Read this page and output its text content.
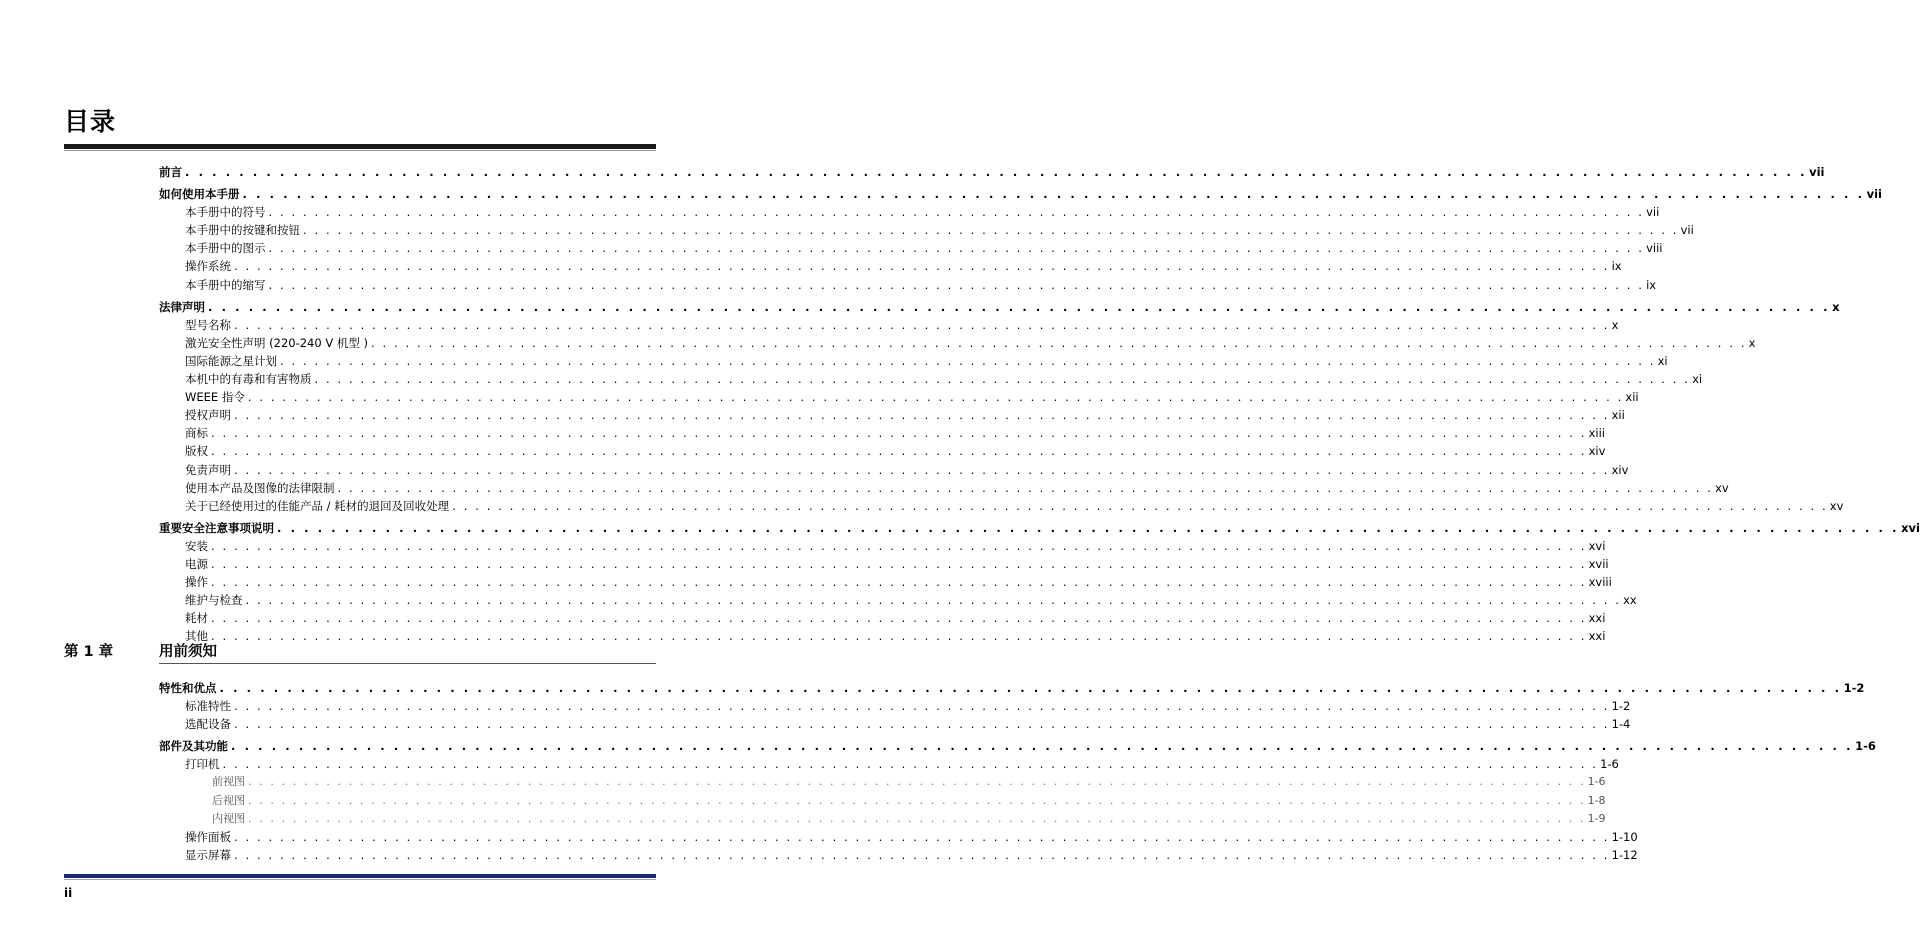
目录
前言 . . . . . . . . . . . . . . . . . . . . . . . . . . . . . . . . . . . . . . . . . . . . . . . . . . . . . . . . . . . . . . . . . . . . . . . . . . . . . . . . . . . . . . . . . . . . . . . . . . . . . . . . . . . . . . . . . . . . . . . . vii
如何使用本手册 . . . . . . . . . . . . . . . . . . . . . . . . . . . . . . . . . . . . . . . . . . . . . . . . . . . . . . . . . . . . . . . . . . . . . . . . . . . . . . . . . . . . . . . . . . . . . . . . . . . . . . . . . . . . . . . . . . . . . . . . vii
本手册中的符号 . . . . . . . . . . . . . . . . . . . . . . . . . . . . . . . . . . . . . . . . . . . . . . . . . . . . . . . . . . . . . . . . . . . . . . . . . . . . . . . . . . . . . . . . . . . . . . . . . . . . . . . . . . . . . . . . . . . . . . . . vii
本手册中的按键和按钮 . . . . . . . . . . . . . . . . . . . . . . . . . . . . . . . . . . . . . . . . . . . . . . . . . . . . . . . . . . . . . . . . . . . . . . . . . . . . . . . . . . . . . . . . . . . . . . . . . . . . . . . . . . . . . . . . . . . . . . . . vii
本手册中的图示 . . . . . . . . . . . . . . . . . . . . . . . . . . . . . . . . . . . . . . . . . . . . . . . . . . . . . . . . . . . . . . . . . . . . . . . . . . . . . . . . . . . . . . . . . . . . . . . . . . . . . . . . . . . . . . . . . . . . . . . . viii
操作系统 . . . . . . . . . . . . . . . . . . . . . . . . . . . . . . . . . . . . . . . . . . . . . . . . . . . . . . . . . . . . . . . . . . . . . . . . . . . . . . . . . . . . . . . . . . . . . . . . . . . . . . . . . . . . . . . . . . . . . . . . ix
本手册中的缩写 . . . . . . . . . . . . . . . . . . . . . . . . . . . . . . . . . . . . . . . . . . . . . . . . . . . . . . . . . . . . . . . . . . . . . . . . . . . . . . . . . . . . . . . . . . . . . . . . . . . . . . . . . . . . . . . . . . . . . . . . ix
法律声明 . . . . . . . . . . . . . . . . . . . . . . . . . . . . . . . . . . . . . . . . . . . . . . . . . . . . . . . . . . . . . . . . . . . . . . . . . . . . . . . . . . . . . . . . . . . . . . . . . . . . . . . . . . . . . . . . . . . . . . . . x
型号名称 . . . . . . . . . . . . . . . . . . . . . . . . . . . . . . . . . . . . . . . . . . . . . . . . . . . . . . . . . . . . . . . . . . . . . . . . . . . . . . . . . . . . . . . . . . . . . . . . . . . . . . . . . . . . . . . . . . . . . . . . x
激光安全性声明 (220-240 V 机型 ) . . . . . . . . . . . . . . . . . . . . . . . . . . . . . . . . . . . . . . . . . . . . . . . . . . . . . . . . . . . . . . . . . . . . . . . . . . . . . . . . . . . . . . . . . . . . . . . . . . . . . . . . . . . . . . . . . . . . . . . . x
国际能源之星计划 . . . . . . . . . . . . . . . . . . . . . . . . . . . . . . . . . . . . . . . . . . . . . . . . . . . . . . . . . . . . . . . . . . . . . . . . . . . . . . . . . . . . . . . . . . . . . . . . . . . . . . . . . . . . . . . . . . . . . . . . xi
本机中的有毒和有害物质 . . . . . . . . . . . . . . . . . . . . . . . . . . . . . . . . . . . . . . . . . . . . . . . . . . . . . . . . . . . . . . . . . . . . . . . . . . . . . . . . . . . . . . . . . . . . . . . . . . . . . . . . . . . . . . . . . . . . . . . . xi
WEEE 指令 . . . . . . . . . . . . . . . . . . . . . . . . . . . . . . . . . . . . . . . . . . . . . . . . . . . . . . . . . . . . . . . . . . . . . . . . . . . . . . . . . . . . . . . . . . . . . . . . . . . . . . . . . . . . . . . . . . . . . . . . xii
授权声明 . . . . . . . . . . . . . . . . . . . . . . . . . . . . . . . . . . . . . . . . . . . . . . . . . . . . . . . . . . . . . . . . . . . . . . . . . . . . . . . . . . . . . . . . . . . . . . . . . . . . . . . . . . . . . . . . . . . . . . . . xii
商标 . . . . . . . . . . . . . . . . . . . . . . . . . . . . . . . . . . . . . . . . . . . . . . . . . . . . . . . . . . . . . . . . . . . . . . . . . . . . . . . . . . . . . . . . . . . . . . . . . . . . . . . . . . . . . . . . . . . . . . . . xiii
版权 . . . . . . . . . . . . . . . . . . . . . . . . . . . . . . . . . . . . . . . . . . . . . . . . . . . . . . . . . . . . . . . . . . . . . . . . . . . . . . . . . . . . . . . . . . . . . . . . . . . . . . . . . . . . . . . . . . . . . . . . xiv
免责声明 . . . . . . . . . . . . . . . . . . . . . . . . . . . . . . . . . . . . . . . . . . . . . . . . . . . . . . . . . . . . . . . . . . . . . . . . . . . . . . . . . . . . . . . . . . . . . . . . . . . . . . . . . . . . . . . . . . . . . . . . xiv
使用本产品及图像的法律限制 . . . . . . . . . . . . . . . . . . . . . . . . . . . . . . . . . . . . . . . . . . . . . . . . . . . . . . . . . . . . . . . . . . . . . . . . . . . . . . . . . . . . . . . . . . . . . . . . . . . . . . . . . . . . . . . . . . . . . . . . xv
关于已经使用过的佳能产品 / 耗材的退回及回收处理 . . . . . . . . . . . . . . . . . . . . . . . . . . . . . . . . . . . . . . . . . . . . . . . . . . . . . . . . . . . . . . . . . . . . . . . . . . . . . . . . . . . . . . . . . . . . . . . . . . . . . . . . . . . . . . . . . . . . . . . . xv
重要安全注意事项说明 . . . . . . . . . . . . . . . . . . . . . . . . . . . . . . . . . . . . . . . . . . . . . . . . . . . . . . . . . . . . . . . . . . . . . . . . . . . . . . . . . . . . . . . . . . . . . . . . . . . . . . . . . . . . . . . . . . . . . . . . xvi
安装 . . . . . . . . . . . . . . . . . . . . . . . . . . . . . . . . . . . . . . . . . . . . . . . . . . . . . . . . . . . . . . . . . . . . . . . . . . . . . . . . . . . . . . . . . . . . . . . . . . . . . . . . . . . . . . . . . . . . . . . . xvi
电源 . . . . . . . . . . . . . . . . . . . . . . . . . . . . . . . . . . . . . . . . . . . . . . . . . . . . . . . . . . . . . . . . . . . . . . . . . . . . . . . . . . . . . . . . . . . . . . . . . . . . . . . . . . . . . . . . . . . . . . . . xvii
操作 . . . . . . . . . . . . . . . . . . . . . . . . . . . . . . . . . . . . . . . . . . . . . . . . . . . . . . . . . . . . . . . . . . . . . . . . . . . . . . . . . . . . . . . . . . . . . . . . . . . . . . . . . . . . . . . . . . . . . . . . xviii
维护与检查 . . . . . . . . . . . . . . . . . . . . . . . . . . . . . . . . . . . . . . . . . . . . . . . . . . . . . . . . . . . . . . . . . . . . . . . . . . . . . . . . . . . . . . . . . . . . . . . . . . . . . . . . . . . . . . . . . . . . . . . . xx
耗材 . . . . . . . . . . . . . . . . . . . . . . . . . . . . . . . . . . . . . . . . . . . . . . . . . . . . . . . . . . . . . . . . . . . . . . . . . . . . . . . . . . . . . . . . . . . . . . . . . . . . . . . . . . . . . . . . . . . . . . . . xxi
其他 . . . . . . . . . . . . . . . . . . . . . . . . . . . . . . . . . . . . . . . . . . . . . . . . . . . . . . . . . . . . . . . . . . . . . . . . . . . . . . . . . . . . . . . . . . . . . . . . . . . . . . . . . . . . . . . . . . . . . . . . xxi
第 1 章	用前须知
特性和优点 . . . . . . . . . . . . . . . . . . . . . . . . . . . . . . . . . . . . . . . . . . . . . . . . . . . . . . . . . . . . . . . . . . . . . . . . . . . . . . . . . . . . . . . . . . . . . . . . . . . . . . . . . . . . . . . . . . . . . . . . 1-2
标准特性 . . . . . . . . . . . . . . . . . . . . . . . . . . . . . . . . . . . . . . . . . . . . . . . . . . . . . . . . . . . . . . . . . . . . . . . . . . . . . . . . . . . . . . . . . . . . . . . . . . . . . . . . . . . . . . . . . . . . . . . . 1-2
选配设备 . . . . . . . . . . . . . . . . . . . . . . . . . . . . . . . . . . . . . . . . . . . . . . . . . . . . . . . . . . . . . . . . . . . . . . . . . . . . . . . . . . . . . . . . . . . . . . . . . . . . . . . . . . . . . . . . . . . . . . . . 1-4
部件及其功能 . . . . . . . . . . . . . . . . . . . . . . . . . . . . . . . . . . . . . . . . . . . . . . . . . . . . . . . . . . . . . . . . . . . . . . . . . . . . . . . . . . . . . . . . . . . . . . . . . . . . . . . . . . . . . . . . . . . . . . . . 1-6
打印机 . . . . . . . . . . . . . . . . . . . . . . . . . . . . . . . . . . . . . . . . . . . . . . . . . . . . . . . . . . . . . . . . . . . . . . . . . . . . . . . . . . . . . . . . . . . . . . . . . . . . . . . . . . . . . . . . . . . . . . . . 1-6
前视图 . . . . . . . . . . . . . . . . . . . . . . . . . . . . . . . . . . . . . . . . . . . . . . . . . . . . . . . . . . . . . . . . . . . . . . . . . . . . . . . . . . . . . . . . . . . . . . . . . . . . . . . . . . . . . . . . . . . . . . . . 1-6
后视图 . . . . . . . . . . . . . . . . . . . . . . . . . . . . . . . . . . . . . . . . . . . . . . . . . . . . . . . . . . . . . . . . . . . . . . . . . . . . . . . . . . . . . . . . . . . . . . . . . . . . . . . . . . . . . . . . . . . . . . . . 1-8
内视图 . . . . . . . . . . . . . . . . . . . . . . . . . . . . . . . . . . . . . . . . . . . . . . . . . . . . . . . . . . . . . . . . . . . . . . . . . . . . . . . . . . . . . . . . . . . . . . . . . . . . . . . . . . . . . . . . . . . . . . . . 1-9
操作面板 . . . . . . . . . . . . . . . . . . . . . . . . . . . . . . . . . . . . . . . . . . . . . . . . . . . . . . . . . . . . . . . . . . . . . . . . . . . . . . . . . . . . . . . . . . . . . . . . . . . . . . . . . . . . . . . . . . . . . . . . 1-10
显示屏幕 . . . . . . . . . . . . . . . . . . . . . . . . . . . . . . . . . . . . . . . . . . . . . . . . . . . . . . . . . . . . . . . . . . . . . . . . . . . . . . . . . . . . . . . . . . . . . . . . . . . . . . . . . . . . . . . . . . . . . . . . 1-12
ii
